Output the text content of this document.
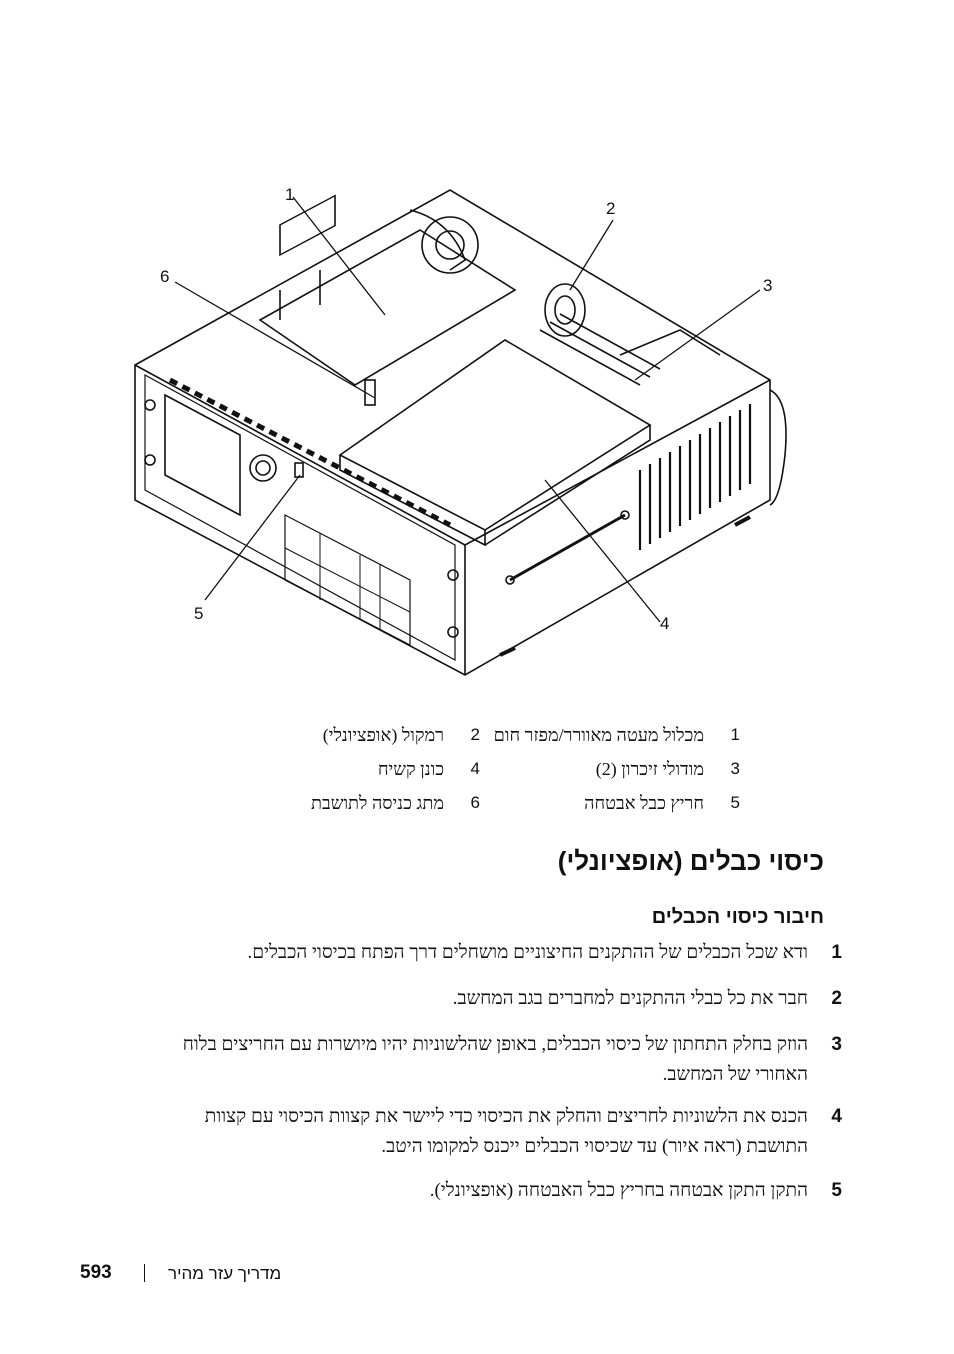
1
2
3
4
5
6
1
מכלול מעטה מאוורר/מפזר חום
2
רמקול (אופציונלי)
3
מודולי זיכרון (2)
4
כונן קשיח
5
חריץ כבל אבטחה
6
מתג כניסה לתושבת
כיסוי כבלים (אופציונלי)
חיבור כיסוי הכבלים
1
ודא שכל הכבלים של ההתקנים החיצוניים מושחלים דרך הפתח בכיסוי הכבלים.
2
חבר את כל כבלי ההתקנים למחברים בגב המחשב.
3
הוזק בחלק התחתון של כיסוי הכבלים, באופן שהלשוניות יהיו מיושרות עם החריצים בלוח האחורי של המחשב.
4
הכנס את הלשוניות לחריצים והחלק את הכיסוי כדי ליישר את קצוות הכיסוי עם קצוות התושבת (ראה איור) עד שכיסוי הכבלים ייכנס למקומו היטב.
5
התקן התקן אבטחה בחריץ כבל האבטחה (אופציונלי).
593	מדריך עזר מהיר
